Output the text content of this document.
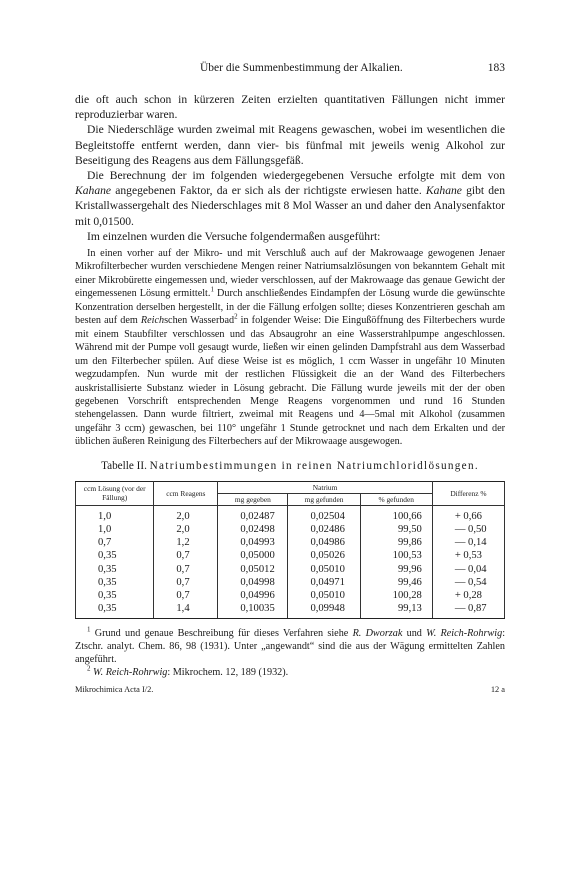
Über die Summenbestimmung der Alkalien.	183

die oft auch schon in kürzeren Zeiten erzielten quantitativen Fällungen nicht immer reproduzierbar waren.

Die Niederschläge wurden zweimal mit Reagens gewaschen, wobei im wesentlichen die Begleitstoffe entfernt werden, dann vier- bis fünfmal mit jeweils wenig Alkohol zur Beseitigung des Reagens aus dem Fällungsgefäß.

Die Berechnung der im folgenden wiedergegebenen Versuche erfolgte mit dem von Kahane angegebenen Faktor, da er sich als der richtigste erwiesen hatte. Kahane gibt den Kristallwassergehalt des Niederschlages mit 8 Mol Wasser an und daher den Analysenfaktor mit 0,01500.

Im einzelnen wurden die Versuche folgendermaßen ausgeführt:

In einen vorher auf der Mikro- und mit Verschluß auch auf der Makrowaage gewogenen Jenaer Mikrofilterbecher wurden verschiedene Mengen reiner Natriumsalzlösungen von bekanntem Gehalt mit einer Mikrobürette eingemessen und, wieder verschlossen, auf der Makrowaage das genaue Gewicht der eingemessenen Lösung ermittelt.$^1$ Durch anschließendes Eindampfen der Lösung wurde die gewünschte Konzentration derselben hergestellt, in der die Fällung erfolgen sollte; dieses Konzentrieren geschah am besten auf dem Reichschen Wasserbad$^2$ in folgender Weise: Die Eingußöffnung des Filterbechers wurde mit einem Staubfilter verschlossen und das Absaugrohr an eine Wasserstrahlpumpe angeschlossen. Während mit der Pumpe voll gesaugt wurde, ließen wir einen gelinden Dampfstrahl aus dem Wasserbad um den Filterbecher spülen. Auf diese Weise ist es möglich, 1 ccm Wasser in ungefähr 10 Minuten wegzudampfen. Nun wurde mit der restlichen Flüssigkeit die an der Wand des Filterbechers auskristallisierte Substanz wieder in Lösung gebracht. Die Fällung wurde jeweils mit der der oben gegebenen Vorschrift entsprechenden Menge Reagens vorgenommen und rund 16 Stunden stehengelassen. Dann wurde filtriert, zweimal mit Reagens und 4—5mal mit Alkohol (zusammen ungefähr 3 ccm) gewaschen, bei 110° ungefähr 1 Stunde getrocknet und nach dem Erkalten und der üblichen äußeren Reinigung des Filterbechers auf der Mikrowaage ausgewogen.

Tabelle II. Natriumbestimmungen in reinen Natriumchloridlösungen.
ccm Lösung (vor der Fällung)	ccm Reagens	Natrium			Differenz %
		mg gegeben	mg gefunden	% gefunden	
1,0	2,0	0,02487	0,02504	100,66	+ 0,66
1,0	2,0	0,02498	0,02486	99,50	— 0,50
0,7	1,2	0,04993	0,04986	99,86	— 0,14
0,35	0,7	0,05000	0,05026	100,53	+ 0,53
0,35	0,7	0,05012	0,05010	99,96	— 0,04
0,35	0,7	0,04998	0,04971	99,46	— 0,54
0,35	0,7	0,04996	0,05010	100,28	+ 0,28
0,35	1,4	0,10035	0,09948	99,13	— 0,87

$^1$ Grund und genaue Beschreibung für dieses Verfahren siehe R. Dworzak und W. Reich-Rohrwig: Ztschr. analyt. Chem. 86, 98 (1931). Unter „angewandt“ sind die aus der Wägung ermittelten Zahlen angeführt.

$^2$ W. Reich-Rohrwig: Mikrochem. 12, 189 (1932).

Mikrochimica Acta I/2.	12 a
